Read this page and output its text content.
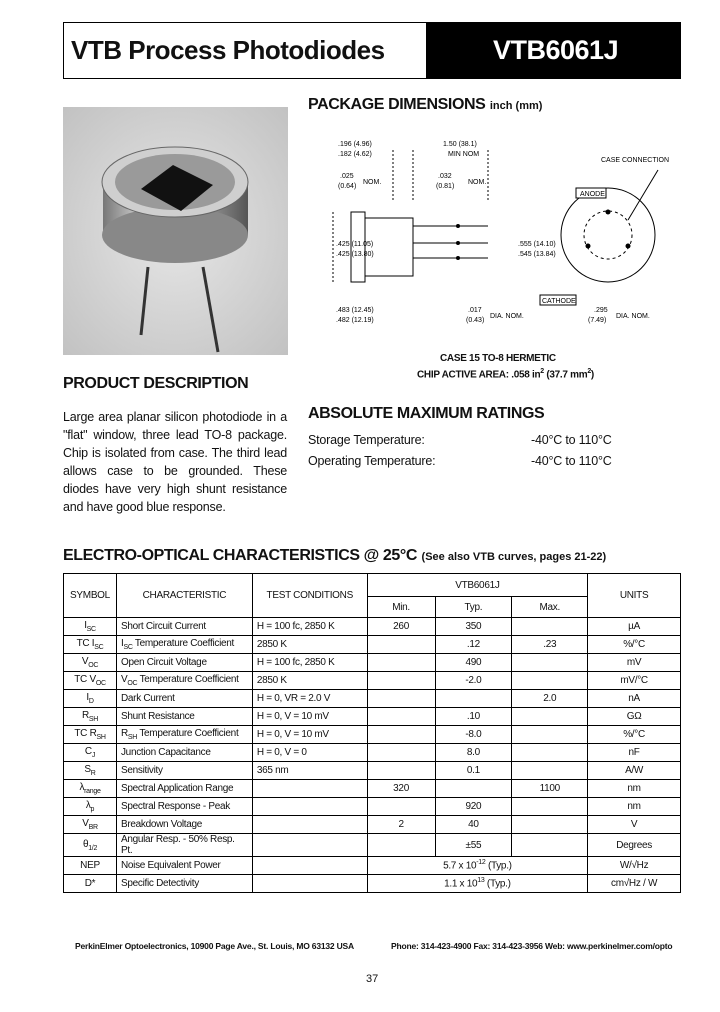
VTB Process Photodiodes	VTB6061J
PACKAGE DIMENSIONS inch (mm)
.196 (4.96)
.182 (4.62)
1.50 (38.1)
MIN NOM
.025
(0.64)
NOM.
.032
(0.81)
NOM.
.425 (11.05)
.425 (13.80)
.555 (14.10)
.545 (13.84)
.483 (12.45)
.482 (12.19)
.017
(0.43)
DIA. NOM.
.295
(7.49)
DIA. NOM.
CASE CONNECTION
ANODE
CATHODE
CASE 15 TO-8 HERMETIC
CHIP ACTIVE AREA: .058 $in^2$ (37.7 $mm^2$)
PRODUCT DESCRIPTION
Large area planar silicon photodiode in a "flat" window, three lead TO-8 package. Chip is isolated from case. The third lead allows case to be grounded. These diodes have very high shunt resistance and have good blue response.
ABSOLUTE MAXIMUM RATINGS
Storage Temperature:	-40°C to 110°C
Operating Temperature:	-40°C to 110°C
ELECTRO-OPTICAL CHARACTERISTICS @ 25°C (See also VTB curves, pages 21-22)
SYMBOL	CHARACTERISTIC	TEST CONDITIONS	VTB6061J			UNITS
			Min.	Typ.	Max.	
$I_{SC}$	Short Circuit Current	H = 100 fc, 2850 K	260	350		µA
TC $I_{SC}$	$I_{SC}$ Temperature Coefficient	2850 K		.12	.23	%/°C
$V_{OC}$	Open Circuit Voltage	H = 100 fc, 2850 K		490		mV
TC $V_{OC}$	$V_{OC}$ Temperature Coefficient	2850 K		-2.0		mV/°C
$I_D$	Dark Current	H = 0, VR = 2.0 V			2.0	nA
$R_{SH}$	Shunt Resistance	H = 0, V = 10 mV		.10		GΩ
TC $R_{SH}$	$R_{SH}$ Temperature Coefficient	H = 0, V = 10 mV		-8.0		%/°C
$C_J$	Junction Capacitance	H = 0, V = 0		8.0		nF
$S_R$	Sensitivity	365 nm		0.1		A/W
$\lambda_{range}$	Spectral Application Range		320		1100	nm
$\lambda_p$	Spectral Response - Peak			920		nm
$V_{BR}$	Breakdown Voltage		2	40		V
$\theta_{1/2}$	Angular Resp. - 50% Resp. Pt.			±55		Degrees
NEP	Noise Equivalent Power		5.7 x $10^{-12}$ (Typ.)			W/√Hz
D*	Specific Detectivity		1.1 x $10^{13}$ (Typ.)			cm√Hz / W
PerkinElmer Optoelectronics, 10900 Page Ave., St. Louis, MO 63132 USA	Phone: 314-423-4900 Fax: 314-423-3956 Web: www.perkinelmer.com/opto
37
